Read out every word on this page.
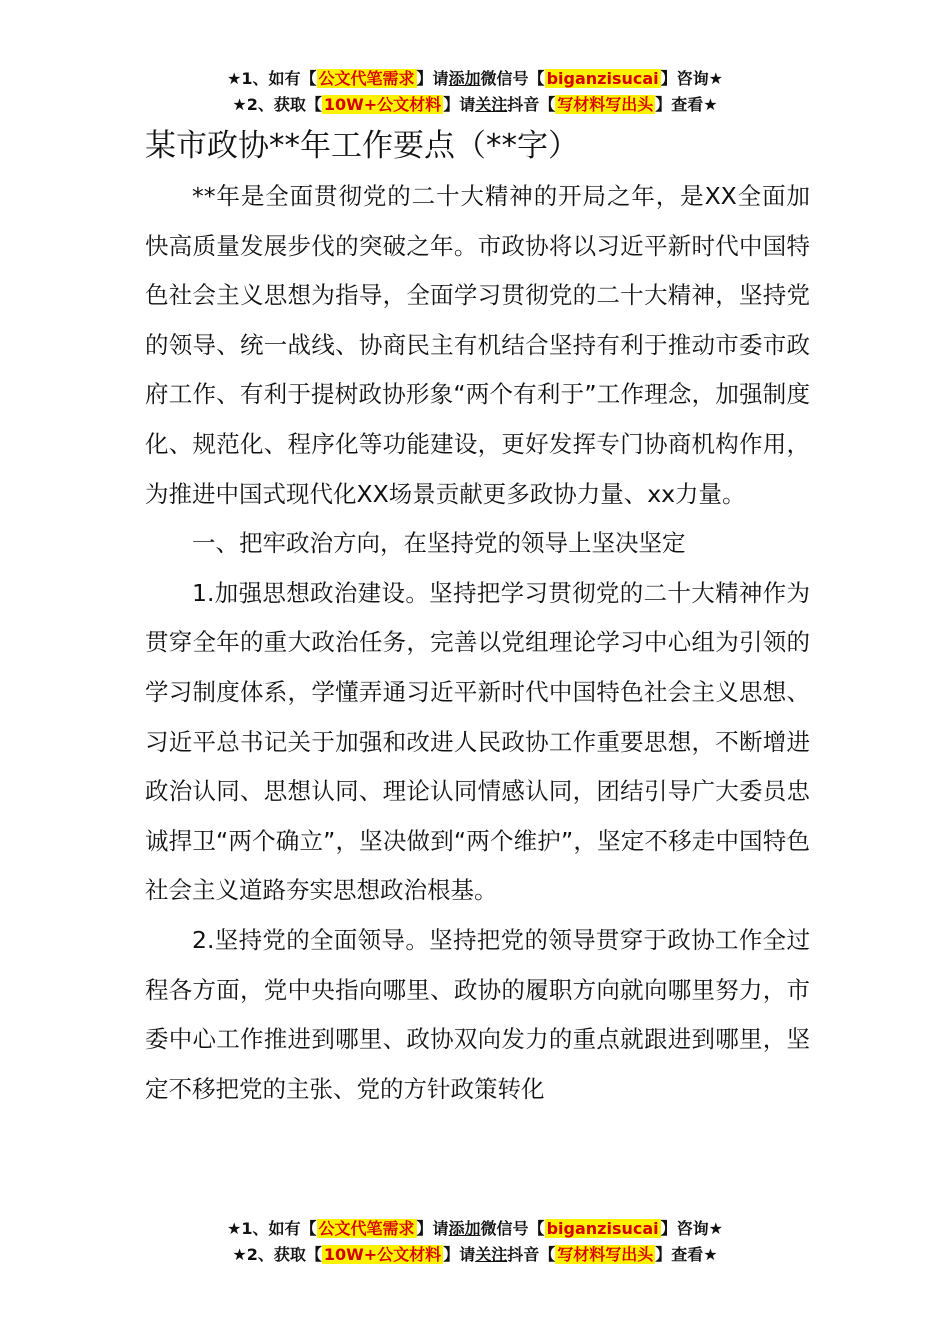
★1、如有【 公文代笔需求 】请添加微信号【 biganzisucai 】咨询★
★2、获取【 10W+公文材料 】请关注抖音【 写材料写出头 】查看★
某市政协**年工作要点（**字）

**年是全面贯彻党的二十大精神的开局之年，是XX全面加快高质量发展步伐的突破之年。市政协将以习近平新时代中国特色社会主义思想为指导，全面学习贯彻党的二十大精神，坚持党的领导、统一战线、协商民主有机结合坚持有利于推动市委市政府工作、有利于提树政协形象“两个有利于”工作理念，加强制度化、规范化、程序化等功能建设，更好发挥专门协商机构作用，为推进中国式现代化XX场景贡献更多政协力量、xx力量。

一、把牢政治方向，在坚持党的领导上坚决坚定

1.加强思想政治建设。坚持把学习贯彻党的二十大精神作为贯穿全年的重大政治任务，完善以党组理论学习中心组为引领的学习制度体系，学懂弄通习近平新时代中国特色社会主义思想、习近平总书记关于加强和改进人民政协工作重要思想，不断增进政治认同、思想认同、理论认同情感认同，团结引导广大委员忠诚捍卫“两个确立”，坚决做到“两个维护”，坚定不移走中国特色社会主义道路夯实思想政治根基。

2.坚持党的全面领导。坚持把党的领导贯穿于政协工作全过程各方面，党中央指向哪里、政协的履职方向就向哪里努力，市委中心工作推进到哪里、政协双向发力的重点就跟进到哪里，坚定不移把党的主张、党的方针政策转化

★1、如有【 公文代笔需求 】请添加微信号【 biganzisucai 】咨询★
★2、获取【 10W+公文材料 】请关注抖音【 写材料写出头 】查看★
